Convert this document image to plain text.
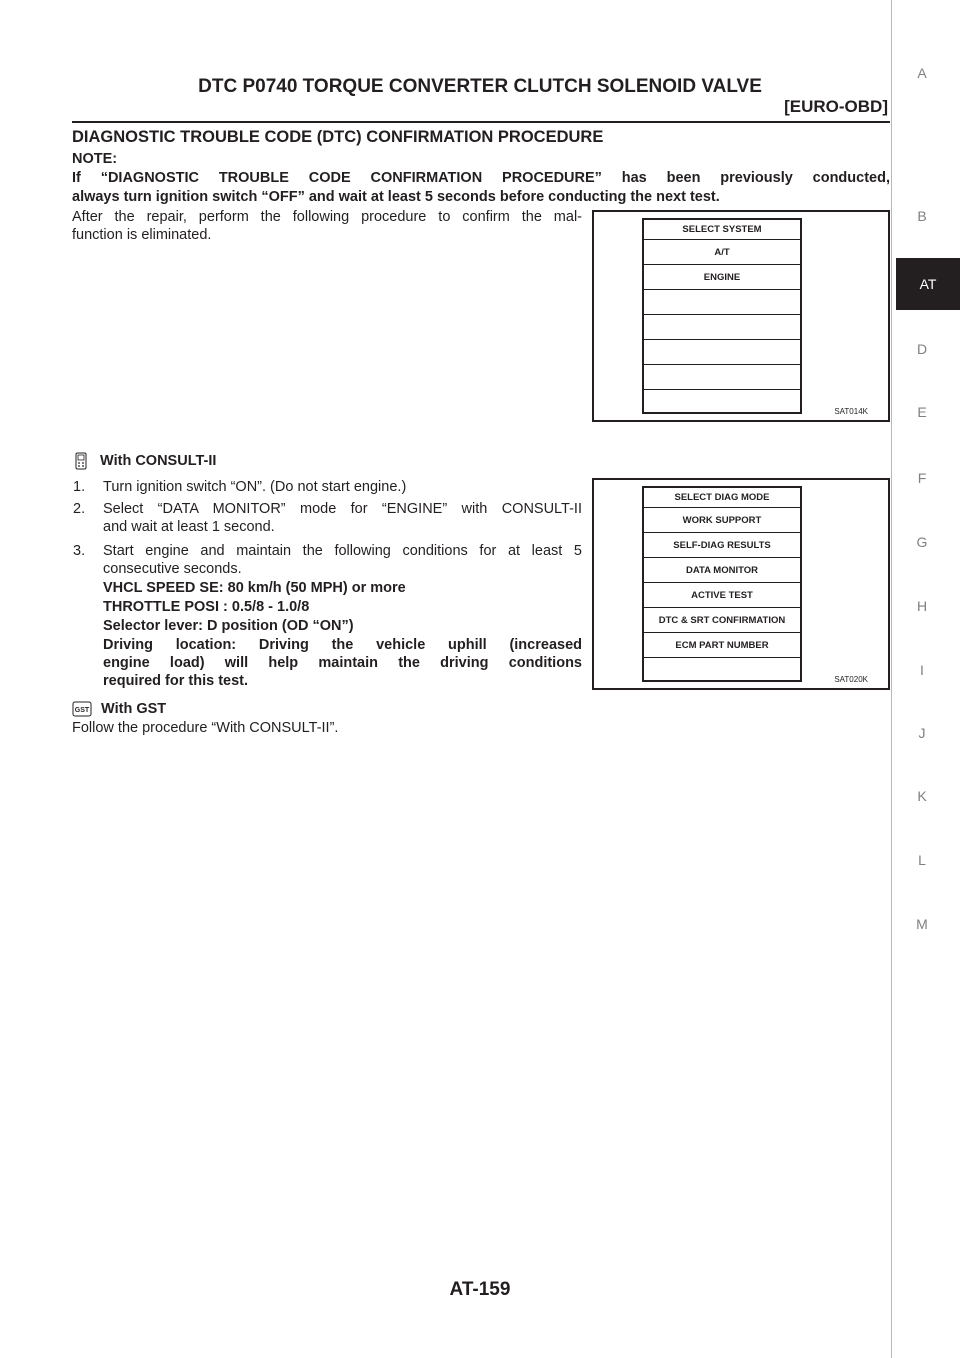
DTC P0740 TORQUE CONVERTER CLUTCH SOLENOID VALVE
[EURO-OBD]
DIAGNOSTIC TROUBLE CODE (DTC) CONFIRMATION PROCEDURE
NOTE:
If “DIAGNOSTIC TROUBLE CODE CONFIRMATION PROCEDURE” has been previously conducted,
always turn ignition switch “OFF” and wait at least 5 seconds before conducting the next test.
After the repair, perform the following procedure to confirm the mal-
function is eliminated.	SELECT SYSTEM
A/T
ENGINE
SAT014K
With CONSULT-II
1. Turn ignition switch “ON”. (Do not start engine.)
2. Select “DATA MONITOR” mode for “ENGINE” with CONSULT-II
and wait at least 1 second.
3. Start engine and maintain the following conditions for at least 5
consecutive seconds.
VHCL SPEED SE: 80 km/h (50 MPH) or more
THROTTLE POSI : 0.5/8 - 1.0/8
Selector lever: D position (OD “ON”)
Driving location: Driving the vehicle uphill (increased
engine load) will help maintain the driving conditions
required for this test.
SELECT DIAG MODE
WORK SUPPORT
SELF-DIAG RESULTS
DATA MONITOR
ACTIVE TEST
DTC & SRT CONFIRMATION
ECM PART NUMBER
SAT020K
GST With GST
Follow the procedure “With CONSULT-II”.
A
B
AT
D
E
F
G
H
I
J
K
L
M
AT-159
